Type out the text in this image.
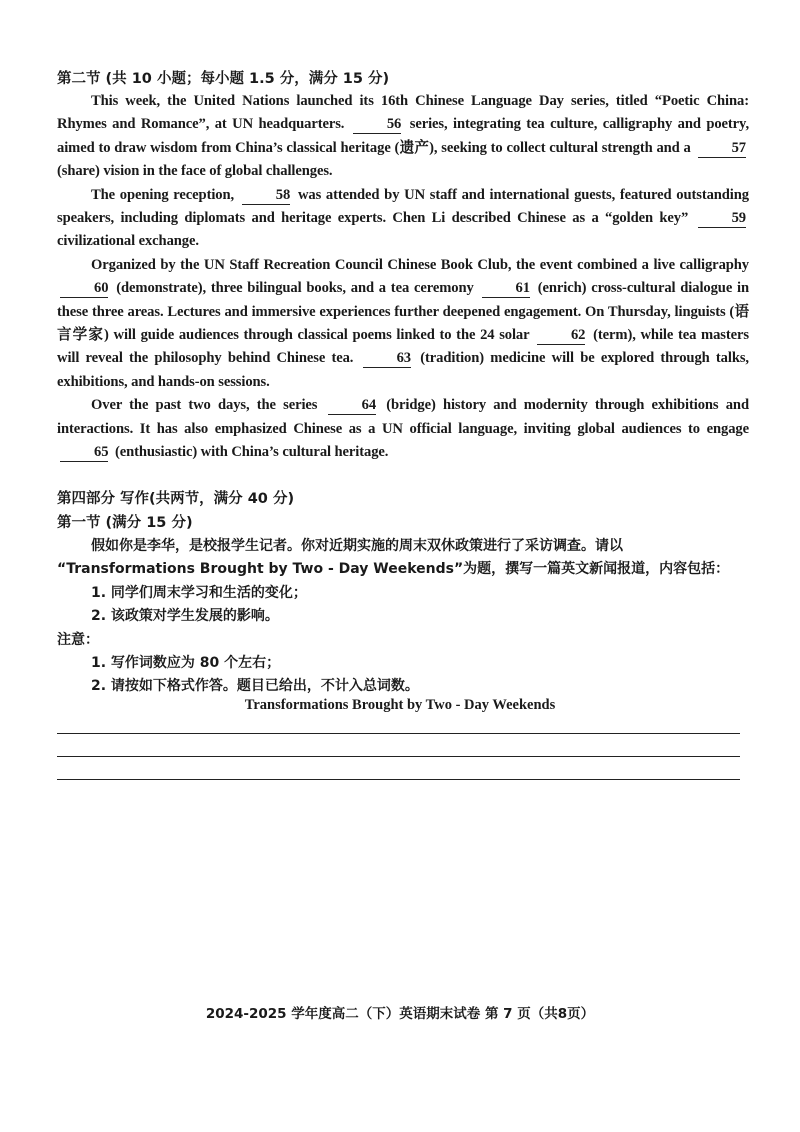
第二节 (共 10 小题；每小题 1.5 分，满分 15 分)

This week, the United Nations launched its 16th Chinese Language Day series, titled “Poetic China: Rhymes and Romance”, at UN headquarters.	56 series, integrating tea culture, calligraphy and poetry, aimed to draw wisdom from China’s classical heritage (遗产), seeking to collect cultural strength and a	57 (share) vision in the face of global challenges.

The opening reception,	58 was attended by UN staff and international guests, featured outstanding speakers, including diplomats and heritage experts. Chen Li described Chinese as a “golden key”	59 civilizational exchange.

Organized by the UN Staff Recreation Council Chinese Book Club, the event combined a live calligraphy 60 (demonstrate), three bilingual books, and a tea ceremony	61 (enrich) cross-cultural dialogue in these three areas. Lectures and immersive experiences further deepened engagement. On Thursday, linguists (语言学家) will guide audiences through classical poems linked to the 24 solar	62 (term), while tea masters will reveal the philosophy behind Chinese tea.	63 (tradition) medicine will be explored through talks, exhibitions, and hands-on sessions.

Over the past two days, the series	64 (bridge) history and modernity through exhibitions and interactions. It has also emphasized Chinese as a UN official language, inviting global audiences to engage 65 (enthusiastic) with China’s cultural heritage.

第四部分 写作(共两节，满分 40 分)
第一节 (满分 15 分)
假如你是李华，是校报学生记者。你对近期实施的周末双休政策进行了采访调查。请以
“Transformations Brought by Two - Day Weekends”为题，撰写一篇英文新闻报道，内容包括：
1. 同学们周末学习和生活的变化；
2. 该政策对学生发展的影响。
注意：
1. 写作词数应为 80 个左右；
2. 请按如下格式作答。题目已给出，不计入总词数。
Transformations Brought by Two - Day Weekends
2024-2025 学年度高二（下）英语期末试卷 第 7 页（共8页）
